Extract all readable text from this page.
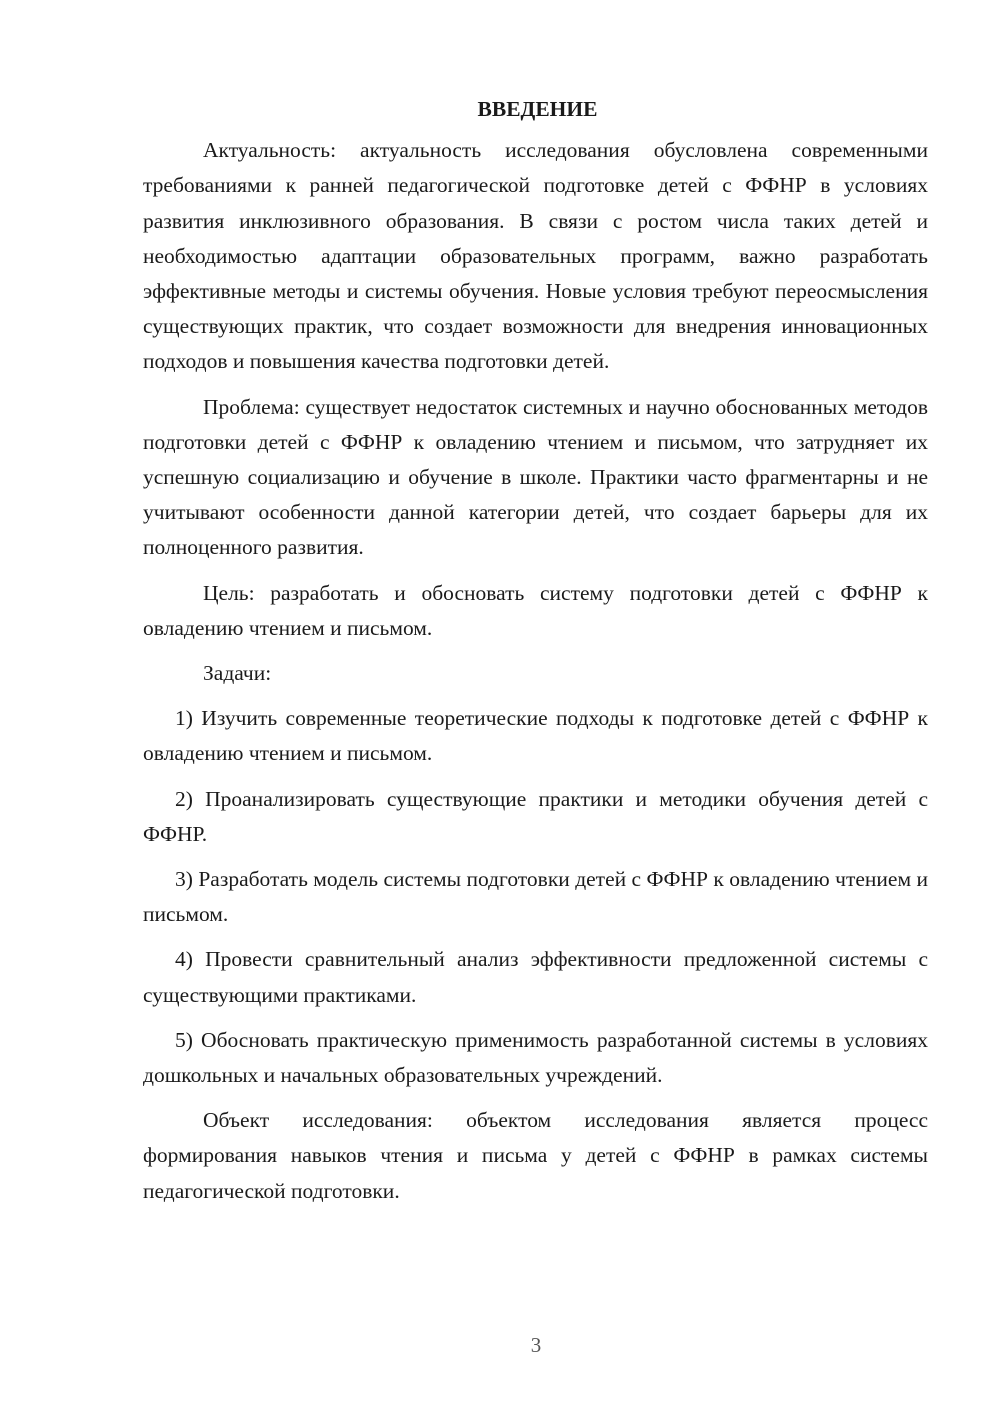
ВВЕДЕНИЕ

Актуальность: актуальность исследования обусловлена современными требованиями к ранней педагогической подготовке детей с ФФНР в условиях развития инклюзивного образования. В связи с ростом числа таких детей и необходимостью адаптации образовательных программ, важно разработать эффективные методы и системы обучения. Новые условия требуют переосмысления существующих практик, что создает возможности для внедрения инновационных подходов и повышения качества подготовки детей.

Проблема: существует недостаток системных и научно обоснованных методов подготовки детей с ФФНР к овладению чтением и письмом, что затрудняет их успешную социализацию и обучение в школе. Практики часто фрагментарны и не учитывают особенности данной категории детей, что создает барьеры для их полноценного развития.

Цель: разработать и обосновать систему подготовки детей с ФФНР к овладению чтением и письмом.

Задачи:

1) Изучить современные теоретические подходы к подготовке детей с ФФНР к овладению чтением и письмом.

2) Проанализировать существующие практики и методики обучения детей с ФФНР.

3) Разработать модель системы подготовки детей с ФФНР к овладению чтением и письмом.

4) Провести сравнительный анализ эффективности предложенной системы с существующими практиками.

5) Обосновать практическую применимость разработанной системы в условиях дошкольных и начальных образовательных учреждений.

Объект исследования: объектом исследования является процесс формирования навыков чтения и письма у детей с ФФНР в рамках системы педагогической подготовки.

3
